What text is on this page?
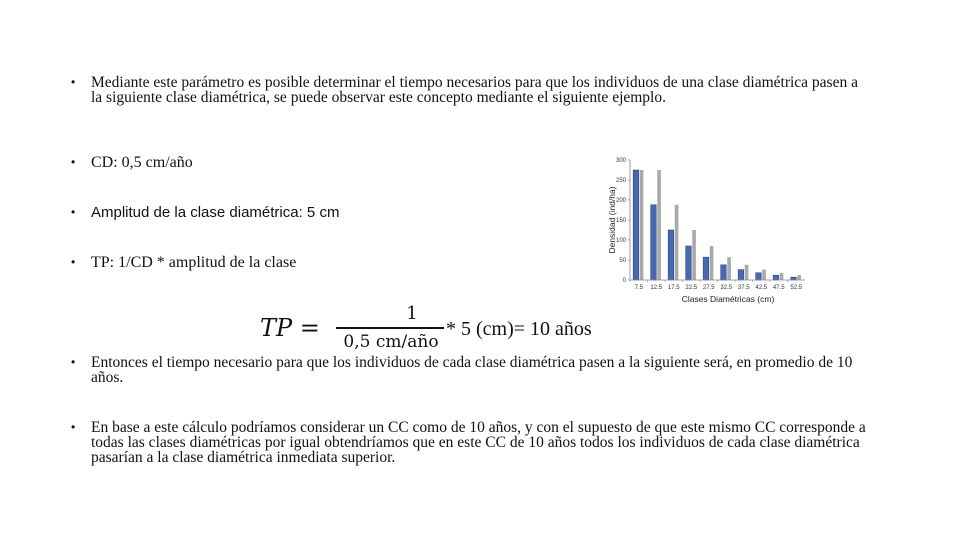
•	Mediante este parámetro es posible determinar el tiempo necesarios para que los individuos de una clase diamétrica pasen a la siguiente clase diamétrica, se puede observar este concepto mediante el siguiente ejemplo.
• CD: 0,5 cm/año
•	Amplitud de la clase diamétrica: 5 cm
• TP: 1/CD * amplitud de la clase
TP =
1
0,5 cm/año
* 5 (cm)= 10 años
0
50
100
150
200
250
300
7.5 12.5 17.5 22.5 27.5 32.5 37.5 42.5 47.5 52.5
Densidad (ind/ha)
Clases Diamétricas (cm)
•	Entonces el tiempo necesario para que los individuos de cada clase diamétrica pasen a la siguiente será, en promedio de 10 años.
•	En base a este cálculo podríamos considerar un CC como de 10 años, y con el supuesto de que este mismo CC corresponde a todas las clases diamétricas por igual obtendríamos que en este CC de 10 años todos los individuos de cada clase diamétrica pasarían a la clase diamétrica inmediata superior.
